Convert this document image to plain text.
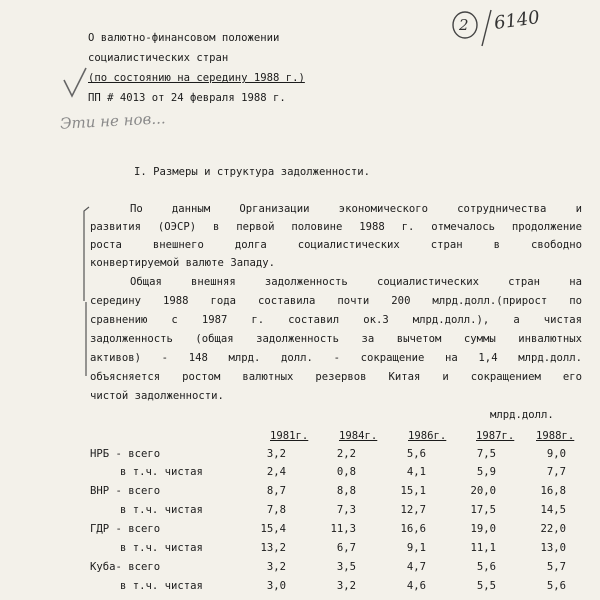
О валютно-финансовом положении
социалистических стран
(по состоянию на середину 1988 г.)
ПП # 4013 от 24 февраля 1988 г.
2 6140
Эти не нов...
I. Размеры и структура задолженности.
По данным Организации экономического сотрудничества и
развития (ОЭСР) в первой половине 1988 г. отмечалось продолжение
роста внешнего долга социалистических стран в свободно
конвертируемой валюте Западу.
Общая внешняя задолженность социалистических стран на
середину 1988 года составила почти 200 млрд.долл.(прирост по
сравнению с 1987 г. составил ок.3 млрд.долл.), а чистая
задолженность (общая задолженность за вычетом суммы инвалютных
активов) - 148 млрд. долл. - сокращение на 1,4 млрд.долл.
объясняется ростом валютных резервов Китая и сокращением его
чистой задолженности.
млрд.долл.
1981г.	1984г.	1986г.	1987г. 1988г.
НРБ - всего	3,2	2,2	5,6	7,5	9,0
в т.ч. чистая	2,4	0,8	4,1	5,9	7,7
ВНР - всего	8,7	8,8	15,1	20,0	16,8
в т.ч. чистая	7,8	7,3	12,7	17,5	14,5
ГДР - всего	15,4	11,3	16,6	19,0	22,0
в т.ч. чистая	13,2	6,7	9,1	11,1	13,0
Куба- всего	3,2	3,5	4,7	5,6	5,7
в т.ч. чистая	3,0	3,2	4,6	5,5	5,6
